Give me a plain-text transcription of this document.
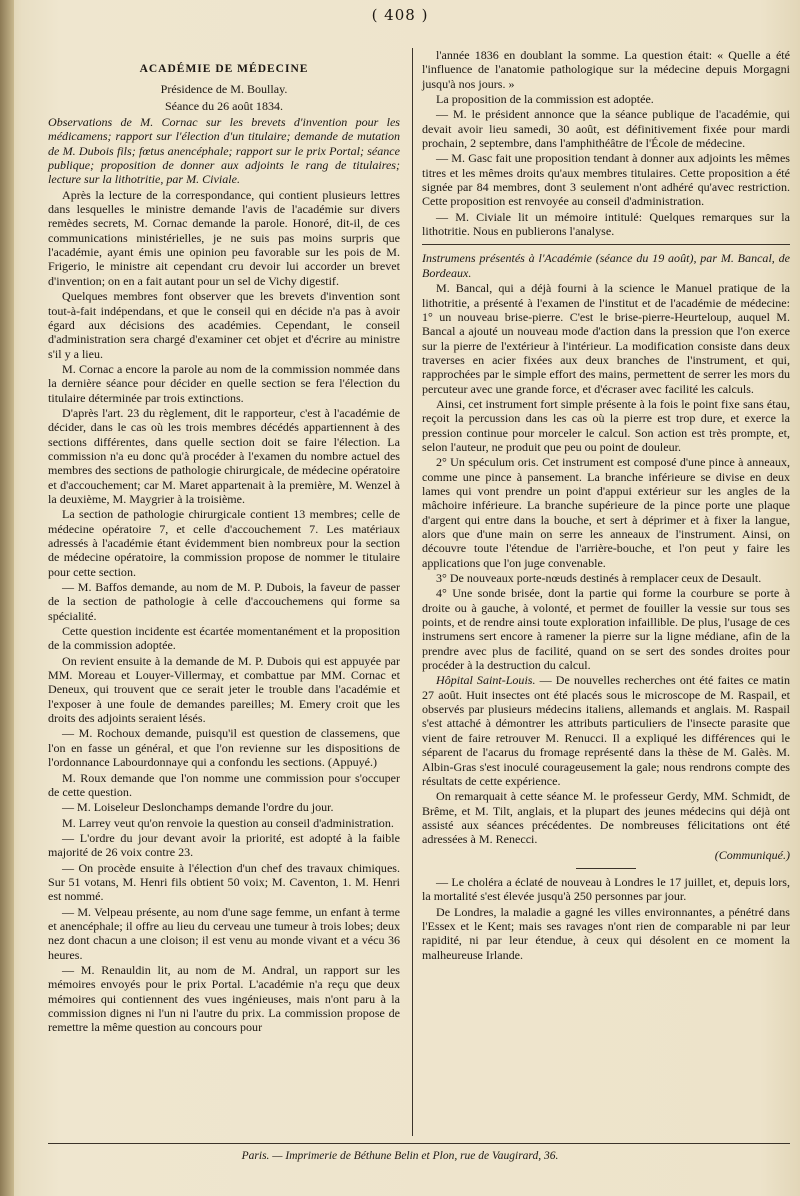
( 408 )
ACADÉMIE DE MÉDECINE
Présidence de M. Boullay.
Séance du 26 août 1834.

Observations de M. Cornac sur les brevets d'invention pour les médicamens; rapport sur l'élection d'un titulaire; demande de mutation de M. Dubois fils; fœtus anencéphale; rapport sur le prix Portal; séance publique; proposition de donner aux adjoints le rang de titulaires; lecture sur la lithotritie, par M. Civiale.

Après la lecture de la correspondance, qui contient plusieurs lettres dans lesquelles le ministre demande l'avis de l'académie sur divers remèdes secrets, M. Cornac demande la parole. Honoré, dit-il, de ces communications ministérielles, je ne suis pas moins surpris que l'académie, ayant émis une opinion peu favorable sur les pois de M. Frigerio, le ministre ait cependant cru devoir lui accorder un brevet d'invention; on en a fait autant pour un sel de Vichy digestif.

Quelques membres font observer que les brevets d'invention sont tout-à-fait indépendans, et que le conseil qui en décide n'a pas à avoir égard aux décisions des académies. Cependant, le conseil d'administration sera chargé d'examiner cet objet et d'écrire au ministre s'il y a lieu.

M. Cornac a encore la parole au nom de la commission nommée dans la dernière séance pour décider en quelle section se fera l'élection du titulaire déterminée par trois extinctions.

D'après l'art. 23 du règlement, dit le rapporteur, c'est à l'académie de décider, dans le cas où les trois membres décédés appartiennent à des sections différentes, dans quelle section doit se faire l'élection. La commission n'a eu donc qu'à procéder à l'examen du nombre actuel des membres des sections de pathologie chirurgicale, de médecine opératoire et d'accouchement; car M. Maret appartenait à la première, M. Wenzel à la deuxième, M. Maygrier à la troisième.

La section de pathologie chirurgicale contient 13 membres; celle de médecine opératoire 7, et celle d'accouchement 7. Les matériaux adressés à l'académie étant évidemment bien nombreux pour la section de médecine opératoire, la commission propose de nommer le titulaire pour cette section.

— M. Baffos demande, au nom de M. P. Dubois, la faveur de passer de la section de pathologie à celle d'accouchemens qui forme sa spécialité.

Cette question incidente est écartée momentanément et la proposition de la commission adoptée.

On revient ensuite à la demande de M. P. Dubois qui est appuyée par MM. Moreau et Louyer-Villermay, et combattue par MM. Cornac et Deneux, qui trouvent que ce serait jeter le trouble dans l'académie et l'exposer à une foule de demandes pareilles; M. Emery croit que les droits des adjoints seraient lésés.

— M. Rochoux demande, puisqu'il est question de classemens, que l'on en fasse un général, et que l'on revienne sur les dispositions de l'ordonnance Labourdonnaye qui a confondu les sections. (Appuyé.)

M. Roux demande que l'on nomme une commission pour s'occuper de cette question.

— M. Loiseleur Deslonchamps demande l'ordre du jour.

M. Larrey veut qu'on renvoie la question au conseil d'administration.

— L'ordre du jour devant avoir la priorité, est adopté à la faible majorité de 26 voix contre 23.

— On procède ensuite à l'élection d'un chef des travaux chimiques. Sur 51 votans, M. Henri fils obtient 50 voix; M. Caventon, 1. M. Henri est nommé.

— M. Velpeau présente, au nom d'une sage femme, un enfant à terme et anencéphale; il offre au lieu du cerveau une tumeur à trois lobes; deux nez dont chacun a une cloison; il est venu au monde vivant et a vécu 36 heures.

— M. Renauldin lit, au nom de M. Andral, un rapport sur les mémoires envoyés pour le prix Portal. L'académie n'a reçu que deux mémoires qui contiennent des vues ingénieuses, mais n'ont paru à la commission dignes ni l'un ni l'autre du prix. La commission propose de remettre la même question au concours pour

l'année 1836 en doublant la somme. La question était: « Quelle a été l'influence de l'anatomie pathologique sur la médecine depuis Morgagni jusqu'à nos jours. »

La proposition de la commission est adoptée.

— M. le président annonce que la séance publique de l'académie, qui devait avoir lieu samedi, 30 août, est définitivement fixée pour mardi prochain, 2 septembre, dans l'amphithéâtre de l'École de médecine.

— M. Gasc fait une proposition tendant à donner aux adjoints les mêmes titres et les mêmes droits qu'aux membres titulaires. Cette proposition a été signée par 84 membres, dont 3 seulement n'ont adhéré qu'avec restriction. Cette proposition est renvoyée au conseil d'administration.

— M. Civiale lit un mémoire intitulé: Quelques remarques sur la lithotritie. Nous en publierons l'analyse.

Instrumens présentés à l'Académie (séance du 19 août), par M. Bancal, de Bordeaux.

M. Bancal, qui a déjà fourni à la science le Manuel pratique de la lithotritie, a présenté à l'examen de l'institut et de l'académie de médecine: 1° un nouveau brise-pierre. C'est le brise-pierre-Heurteloup, auquel M. Bancal a ajouté un nouveau mode d'action dans la pression que l'on exerce sur la pierre de l'extérieur à l'intérieur. La modification consiste dans deux traverses en acier fixées aux deux branches de l'instrument, et qui, rapprochées par le simple effort des mains, permettent de serrer les mors du percuteur avec une grande force, et d'écraser avec facilité les calculs.

Ainsi, cet instrument fort simple présente à la fois le point fixe sans étau, reçoit la percussion dans les cas où la pierre est trop dure, et exerce la pression continue pour morceler le calcul. Son action est très prompte, et, selon l'auteur, ne produit que peu ou point de douleur.

2° Un spéculum oris. Cet instrument est composé d'une pince à anneaux, comme une pince à pansement. La branche inférieure se divise en deux lames qui vont prendre un point d'appui extérieur sur les angles de la mâchoire inférieure. La branche supérieure de la pince porte une plaque d'argent qui entre dans la bouche, et sert à déprimer et à fixer la langue, alors que d'une main on serre les anneaux de l'instrument. Ainsi, on découvre toute l'étendue de l'arrière-bouche, et l'on peut y faire les applications que l'on juge convenable.

3° De nouveaux porte-nœuds destinés à remplacer ceux de Desault.

4° Une sonde brisée, dont la partie qui forme la courbure se porte à droite ou à gauche, à volonté, et permet de fouiller la vessie sur tous ses points, et de rendre ainsi toute exploration infaillible. De plus, l'usage de ces instrumens sert encore à ramener la pierre sur la ligne médiane, afin de la prendre avec plus de facilité, quand on se sert des sondes droites pour procéder à la destruction du calcul.

Hôpital Saint-Louis. — De nouvelles recherches ont été faites ce matin 27 août. Huit insectes ont été placés sous le microscope de M. Raspail, et observés par plusieurs médecins italiens, allemands et anglais. M. Raspail s'est attaché à démontrer les attributs particuliers de l'insecte parasite que vient de faire retrouver M. Renucci. Il a expliqué les différences qui le séparent de l'acarus du fromage représenté dans la thèse de M. Galès. M. Albin-Gras s'est inoculé courageusement la gale; nous rendrons compte des résultats de cette expérience.

On remarquait à cette séance M. le professeur Gerdy, MM. Schmidt, de Brême, et M. Tilt, anglais, et la plupart des jeunes médecins qui déjà ont assisté aux séances précédentes. De nombreuses félicitations ont été adressées à M. Renecci.

(Communiqué.)

— Le choléra a éclaté de nouveau à Londres le 17 juillet, et, depuis lors, la mortalité s'est élevée jusqu'à 250 personnes par jour.

De Londres, la maladie a gagné les villes environnantes, a pénétré dans l'Essex et le Kent; mais ses ravages n'ont rien de comparable ni par leur rapidité, ni par leur étendue, à ceux qui désolent en ce moment la malheureuse Irlande.

Paris. — Imprimerie de Béthune Belin et Plon, rue de Vaugirard, 36.
